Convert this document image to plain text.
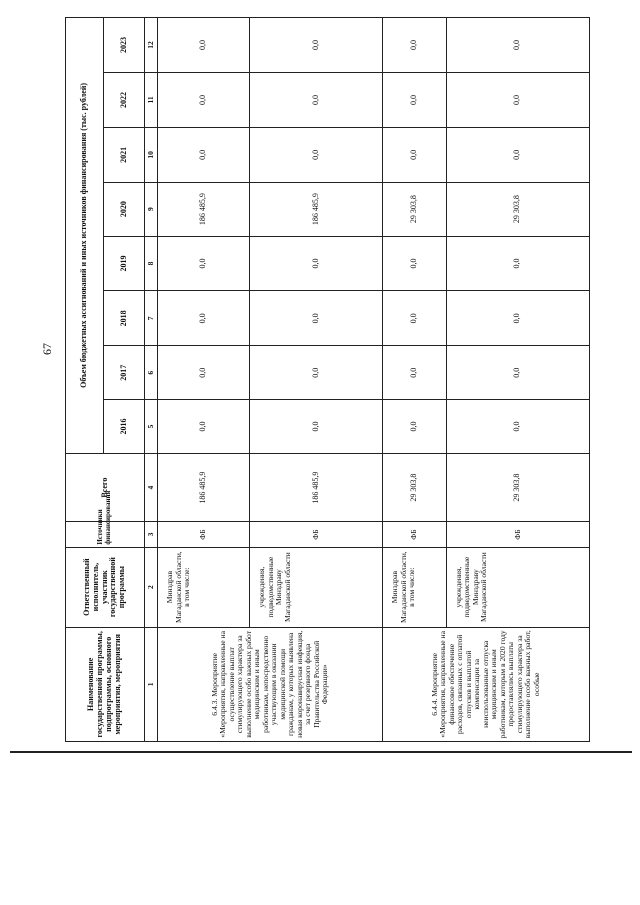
67
Наименование государственной программы, подпрограммы, основного мероприятия, мероприятия	Ответственный исполнитель, участник государственной программы	Источники финансирования	Всего	Объем бюджетных ассигнований и иных источников финансирования (тыс. рублей)							
				2016	2017	2018	2019	2020	2021	2022	2023
1	2	3	4	5	6	7	8	9	10	11	12
6.4.3. Мероприятие «Мероприятия, направленные на осуществление выплат стимулирующего характера за выполнение особо важных работ медицинским и иным работникам, непосредственно участвующим в оказании медицинской помощи гражданам, у которых выявлена новая коронавирусная инфекция, за счет резервного фонда Правительства Российской Федерации»	Минздрав Магаданской области, в том числе:	ФБ	186 485,9	0,0	0,0	0,0	0,0	186 485,9	0,0	0,0	0,0
	учреждения, подведомственные Минздраву Магаданской области	ФБ	186 485,9	0,0	0,0	0,0	0,0	186 485,9	0,0	0,0	0,0
6.4.4. Мероприятие «Мероприятия, направленные на финансовое обеспечение расходов, связанных с оплатой отпусков и выплатой компенсации за неиспользованные отпуска медицинским и иным работникам, которым в 2020 году предоставлялись выплаты стимулирующего характера за выполнение особо важных работ, особые	Минздрав Магаданской области, в том числе:	ФБ	29 303,8	0,0	0,0	0,0	0,0	29 303,8	0,0	0,0	0,0
	учреждения, подведомственные Минздраву Магаданской области	ФБ	29 303,8	0,0	0,0	0,0	0,0	29 303,8	0,0	0,0	0,0
